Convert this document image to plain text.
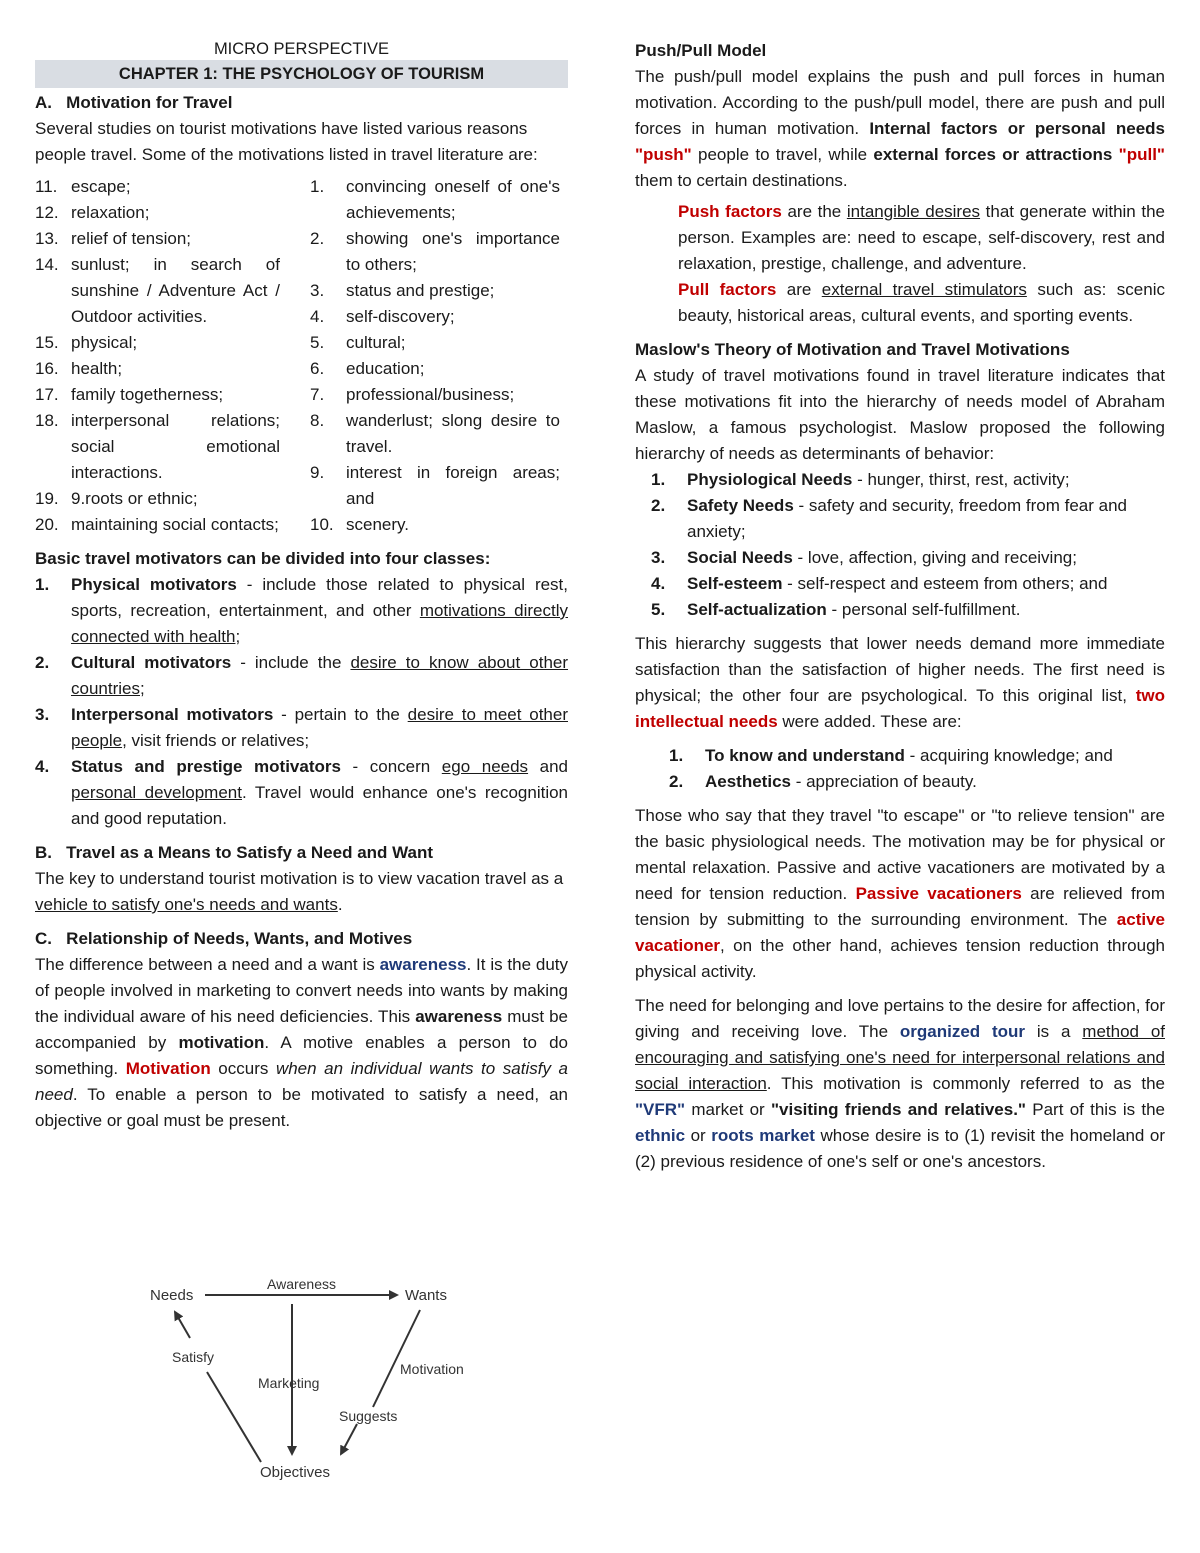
MICRO PERSPECTIVE

CHAPTER 1: THE PSYCHOLOGY OF TOURISM

A. Motivation for Travel

Several studies on tourist motivations have listed various reasons people travel. Some of the motivations listed in travel literature are:

11. escape;
12. relaxation;
13. relief of tension;
14. sunlust; in search of sunshine / Adventure Act / Outdoor activities.
15. physical;
16. health;
17. family togetherness;
18. interpersonal relations; social emotional interactions.
19. 9.roots or ethnic;
20. maintaining social contacts;
1.	convincing oneself of one's achievements;
2.	showing one's importance to others;
3.	status and prestige;
4.	self-discovery;
5.	cultural;
6.	education;
7.	professional/business;
8.	wanderlust; slong desire to travel.
9.	interest in foreign areas; and
10. scenery.

Basic travel motivators can be divided into four classes:

1.	Physical motivators - include those related to physical rest, sports, recreation, entertainment, and other motivations directly connected with health;
2.	Cultural motivators - include the desire to know about other countries;
3.	Interpersonal motivators - pertain to the desire to meet other people, visit friends or relatives;
4.	Status and prestige motivators - concern ego needs and personal development. Travel would enhance one's recognition and good reputation.

B. Travel as a Means to Satisfy a Need and Want

The key to understand tourist motivation is to view vacation travel as a vehicle to satisfy one's needs and wants.

C. Relationship of Needs, Wants, and Motives

The difference between a need and a want is awareness. It is the duty of people involved in marketing to convert needs into wants by making the individual aware of his need deficiencies. This awareness must be accompanied by motivation. A motive enables a person to do something. Motivation occurs when an individual wants to satisfy a need. To enable a person to be motivated to satisfy a need, an objective or goal must be present.

Needs	Wants
Objectives
Awareness
Satisfy
Marketing
Motivation
Suggests

Push/Pull Model

The push/pull model explains the push and pull forces in human motivation. According to the push/pull model, there are push and pull forces in human motivation. Internal factors or personal needs "push" people to travel, while external forces or attractions "pull" them to certain destinations.

Push factors are the intangible desires that generate within the person. Examples are: need to escape, self-discovery, rest and relaxation, prestige, challenge, and adventure.

Pull factors are external travel stimulators such as: scenic beauty, historical areas, cultural events, and sporting events.

Maslow's Theory of Motivation and Travel Motivations

A study of travel motivations found in travel literature indicates that these motivations fit into the hierarchy of needs model of Abraham Maslow, a famous psychologist. Maslow proposed the following hierarchy of needs as determinants of behavior:

1.	Physiological Needs - hunger, thirst, rest, activity;
2.	Safety Needs - safety and security, freedom from fear and anxiety;
3.	Social Needs - love, affection, giving and receiving;
4.	Self-esteem - self-respect and esteem from others; and
5.	Self-actualization - personal self-fulfillment.

This hierarchy suggests that lower needs demand more immediate satisfaction than the satisfaction of higher needs. The first need is physical; the other four are psychological. To this original list, two intellectual needs were added. These are:

1.	To know and understand - acquiring knowledge; and
2.	Aesthetics - appreciation of beauty.

Those who say that they travel "to escape" or "to relieve tension" are the basic physiological needs. The motivation may be for physical or mental relaxation. Passive and active vacationers are motivated by a need for tension reduction. Passive vacationers are relieved from tension by submitting to the surrounding environment. The active vacationer, on the other hand, achieves tension reduction through physical activity.

The need for belonging and love pertains to the desire for affection, for giving and receiving love. The organized tour is a method of encouraging and satisfying one's need for interpersonal relations and social interaction. This motivation is commonly referred to as the "VFR" market or "visiting friends and relatives." Part of this is the ethnic or roots market whose desire is to (1) revisit the homeland or (2) previous residence of one's self or one's ancestors.
